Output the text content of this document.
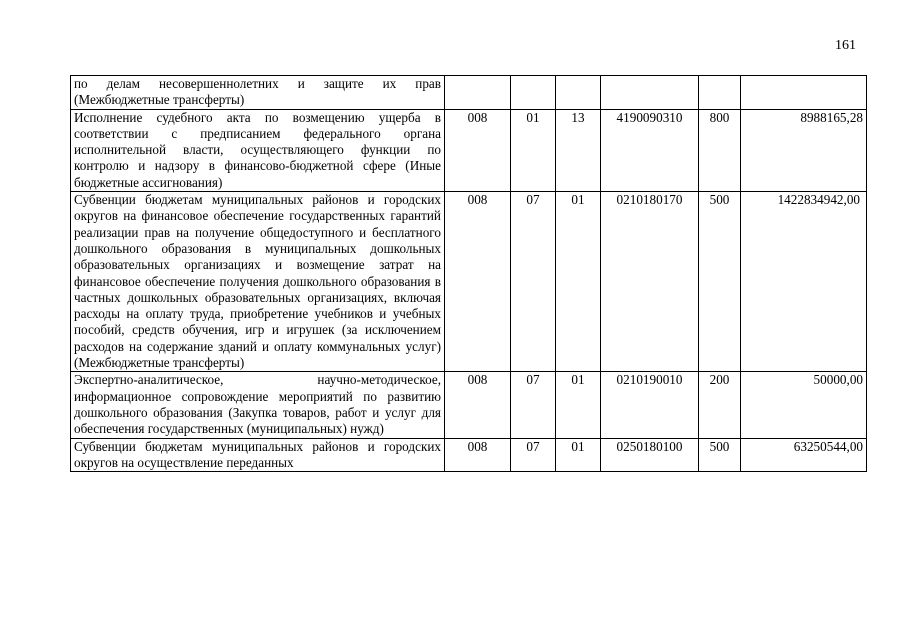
161
по делам несовершеннолетних и защите их прав (Межбюджетные трансферты)						
Исполнение судебного акта по возмещению ущерба в соответствии с предписанием федерального органа исполнительной власти, осуществляющего функции по контролю и надзору в финансово-бюджетной сфере (Иные бюджетные ассигнования)	008	01	13	4190090310	800	8988165,28
Субвенции бюджетам муниципальных районов и городских округов на финансовое обеспечение государственных гарантий реализации прав на получение общедоступного и бесплатного дошкольного образования в муниципальных дошкольных образовательных организациях и возмещение затрат на финансовое обеспечение получения дошкольного образования в частных дошкольных образовательных организациях, включая расходы на оплату труда, приобретение учебников и учебных пособий, средств обучения, игр и игрушек (за исключением расходов на содержание зданий и оплату коммунальных услуг) (Межбюджетные трансферты)	008	07	01	0210180170	500	1422834942,00
Экспертно-аналитическое, научно-методическое, информационное сопровождение мероприятий по развитию дошкольного образования (Закупка товаров, работ и услуг для обеспечения государственных (муниципальных) нужд)	008	07	01	0210190010	200	50000,00
Субвенции бюджетам муниципальных районов и городских округов на осуществление переданных	008	07	01	0250180100	500	63250544,00
